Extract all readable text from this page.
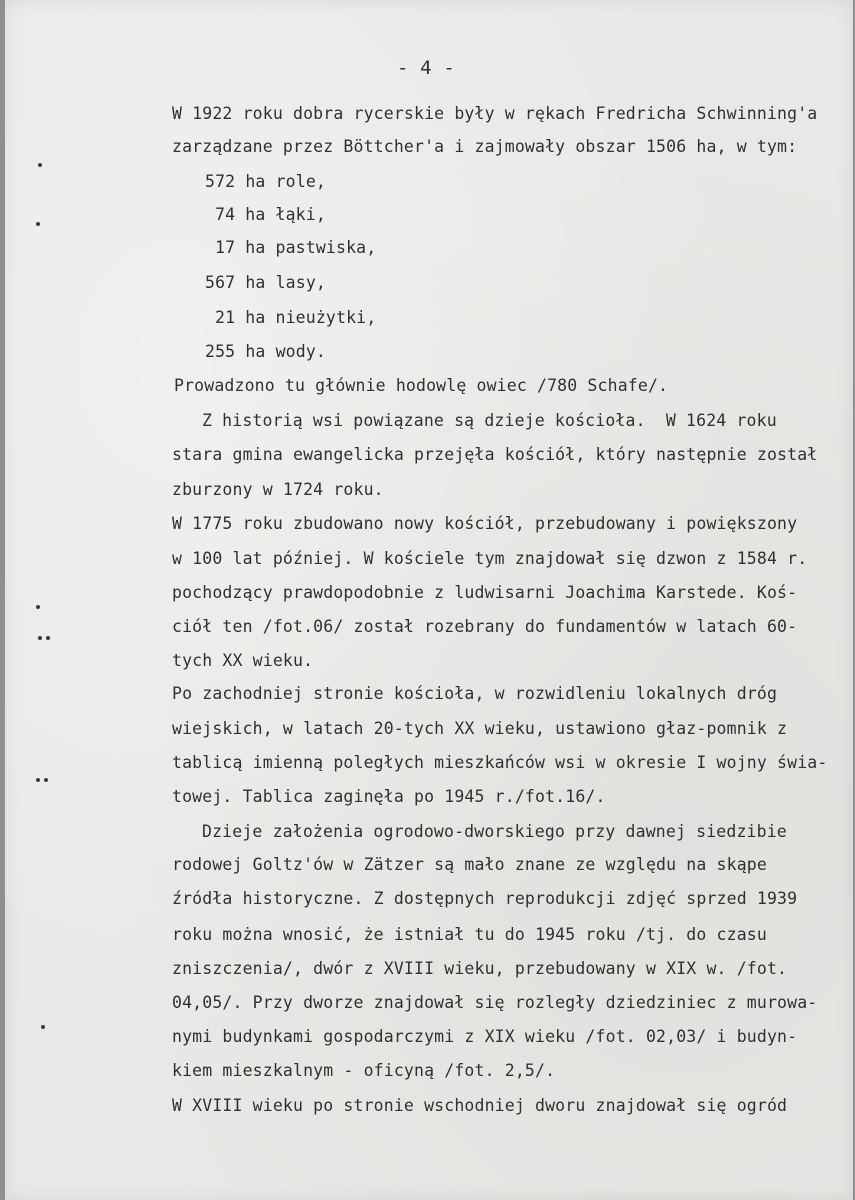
- 4 -
W 1922 roku dobra rycerskie były w rękach Fredricha Schwinning'a
zarządzane przez Böttcher'a i zajmowały obszar 1506 ha, w tym:
572 ha role,
74 ha łąki,
17 ha pastwiska,
567 ha lasy,
21 ha nieużytki,
255 ha wody.
Prowadzono tu głównie hodowlę owiec /780 Schafe/.
Z historią wsi powiązane są dzieje kościoła.  W 1624 roku
stara gmina ewangelicka przejęła kościół, który następnie został
zburzony w 1724 roku.
W 1775 roku zbudowano nowy kościół, przebudowany i powiększony
w 100 lat później. W kościele tym znajdował się dzwon z 1584 r.
pochodzący prawdopodobnie z ludwisarni Joachima Karstede. Koś-
ciół ten /fot.06/ został rozebrany do fundamentów w latach 60-
tych XX wieku.
Po zachodniej stronie kościoła, w rozwidleniu lokalnych dróg
wiejskich, w latach 20-tych XX wieku, ustawiono głaz-pomnik z
tablicą imienną poległych mieszkańców wsi w okresie I wojny świa-
towej. Tablica zaginęła po 1945 r./fot.16/.
Dzieje założenia ogrodowo-dworskiego przy dawnej siedzibie
rodowej Goltz'ów w Zätzer są mało znane ze względu na skąpe
źródła historyczne. Z dostępnych reprodukcji zdjęć sprzed 1939
roku można wnosić, że istniał tu do 1945 roku /tj. do czasu
zniszczenia/, dwór z XVIII wieku, przebudowany w XIX w. /fot.
04,05/. Przy dworze znajdował się rozległy dziedziniec z murowa-
nymi budynkami gospodarczymi z XIX wieku /fot. 02,03/ i budyn-
kiem mieszkalnym - oficyną /fot. 2,5/.
W XVIII wieku po stronie wschodniej dworu znajdował się ogród
